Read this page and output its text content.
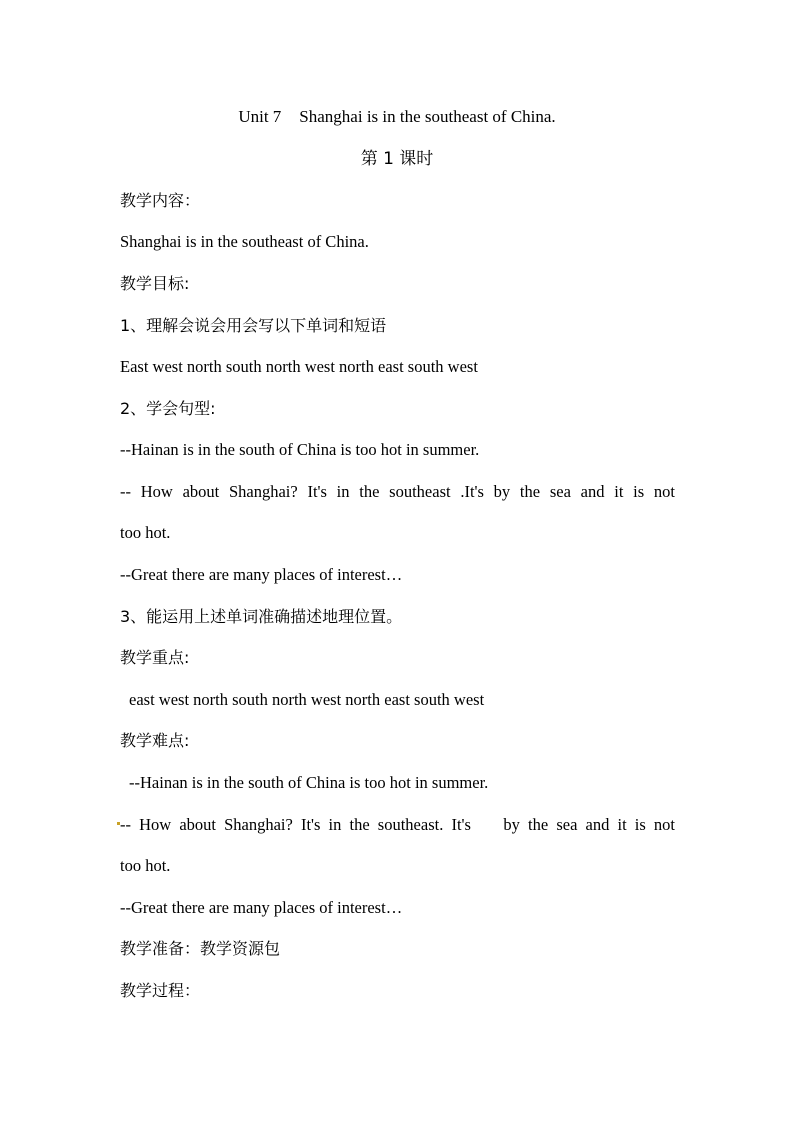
Unit 7 Shanghai is in the southeast of China.
第 1 课时
教学内容：
Shanghai is in the southeast of China.
教学目标:
1、理解会说会用会写以下单词和短语
East west north south north west north east south west
2、学会句型:
--Hainan is in the south of China is too hot in summer.
-- How about Shanghai? It's in the southeast .It's by the sea and it is not
too hot.
--Great there are many places of interest…
3、能运用上述单词准确描述地理位置。
教学重点:
east west north south north west north east south west
教学难点:
--Hainan is in the south of China is too hot in summer.
-- How about Shanghai? It's in the southeast. It's    by the sea and it is not
too hot.
--Great there are many places of interest…
教学准备：教学资源包
教学过程：
